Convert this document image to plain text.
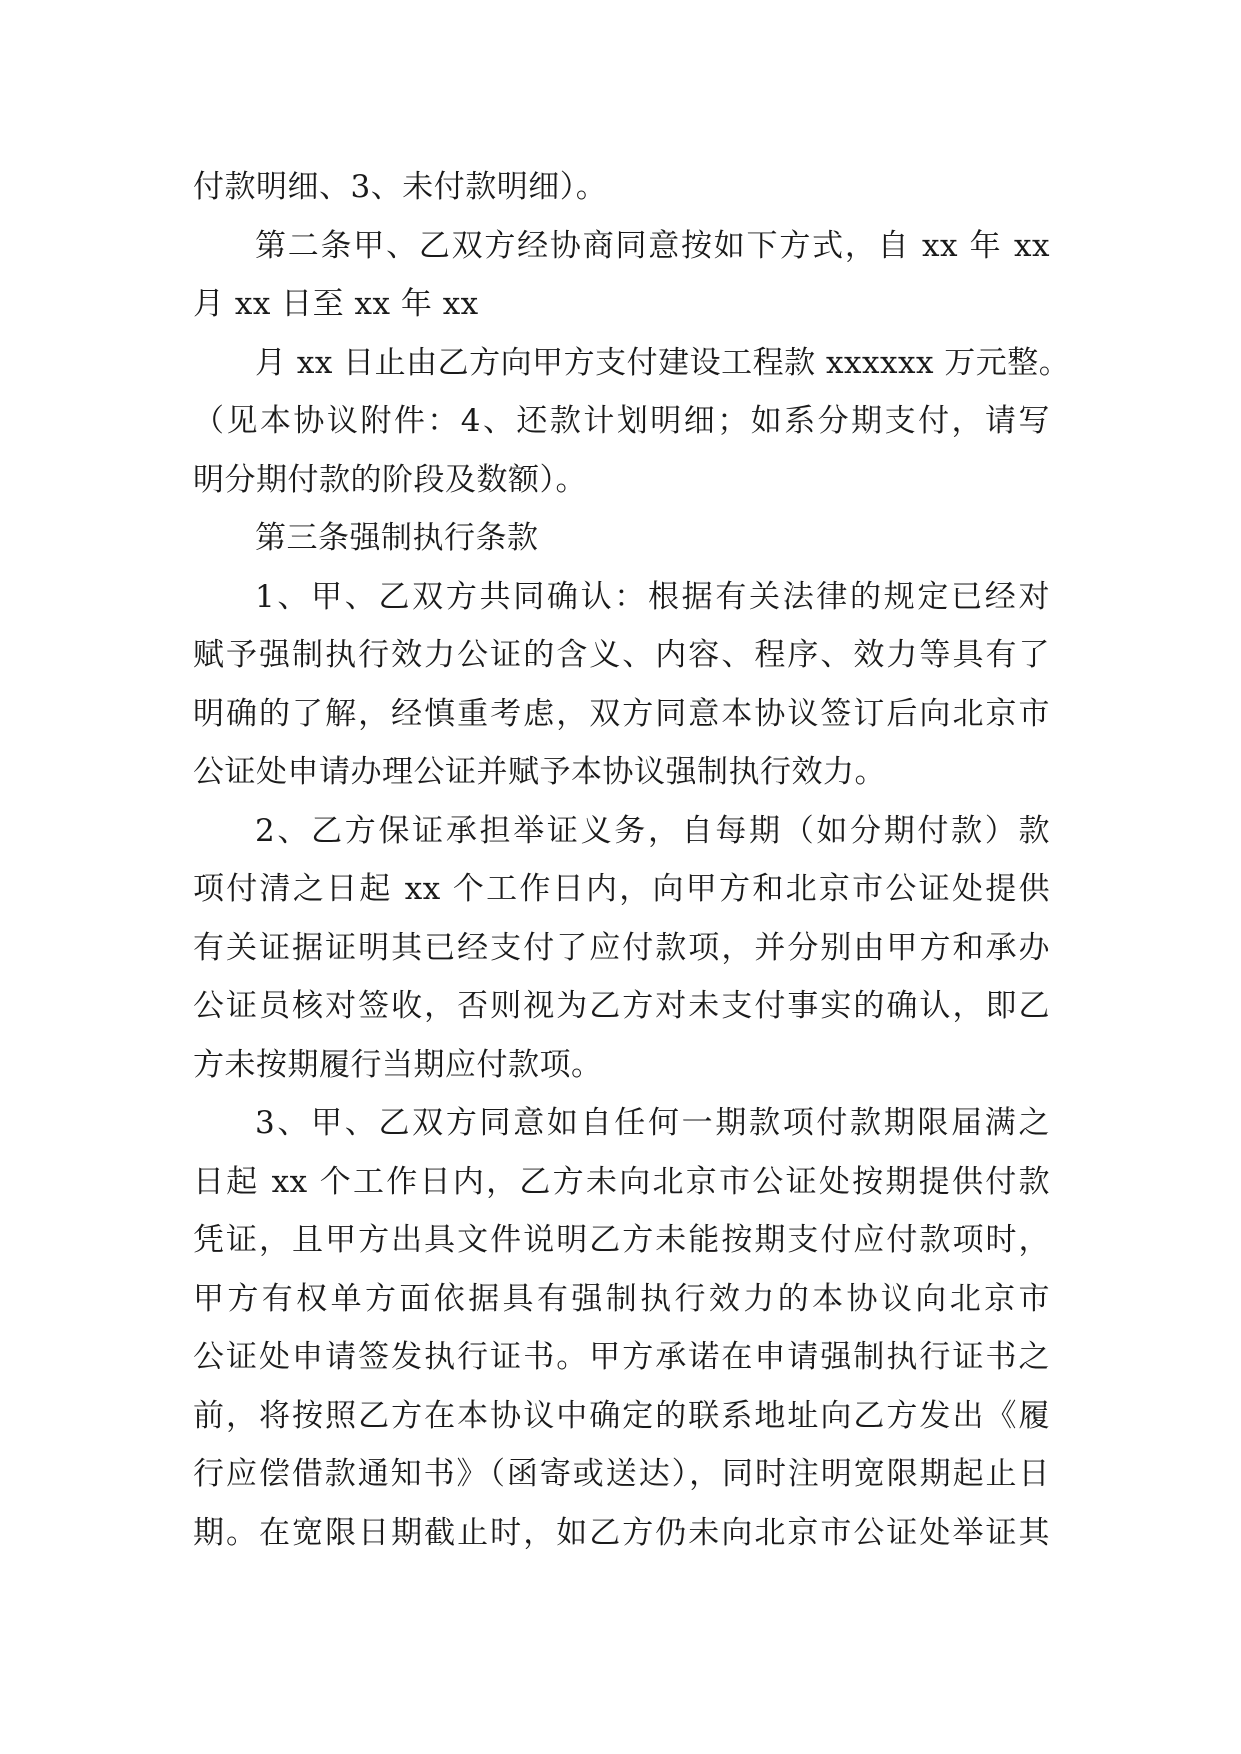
付款明细、3、未付款明细）。
第二条甲、乙双方经协商同意按如下方式，自 xx 年 xx
月 xx 日至 xx 年 xx
月 xx 日止由乙方向甲方支付建设工程款 xxxxxx 万元整。
（见本协议附件：4、还款计划明细；如系分期支付，请写
明分期付款的阶段及数额）。
第三条强制执行条款
1、甲、乙双方共同确认：根据有关法律的规定已经对
赋予强制执行效力公证的含义、内容、程序、效力等具有了
明确的了解，经慎重考虑，双方同意本协议签订后向北京市
公证处申请办理公证并赋予本协议强制执行效力。
2、乙方保证承担举证义务，自每期（如分期付款）款
项付清之日起 xx 个工作日内，向甲方和北京市公证处提供
有关证据证明其已经支付了应付款项，并分别由甲方和承办
公证员核对签收，否则视为乙方对未支付事实的确认，即乙
方未按期履行当期应付款项。
3、甲、乙双方同意如自任何一期款项付款期限届满之
日起 xx 个工作日内，乙方未向北京市公证处按期提供付款
凭证，且甲方出具文件说明乙方未能按期支付应付款项时，
甲方有权单方面依据具有强制执行效力的本协议向北京市
公证处申请签发执行证书。甲方承诺在申请强制执行证书之
前，将按照乙方在本协议中确定的联系地址向乙方发出《履
行应偿借款通知书》（函寄或送达），同时注明宽限期起止日
期。在宽限日期截止时，如乙方仍未向北京市公证处举证其
